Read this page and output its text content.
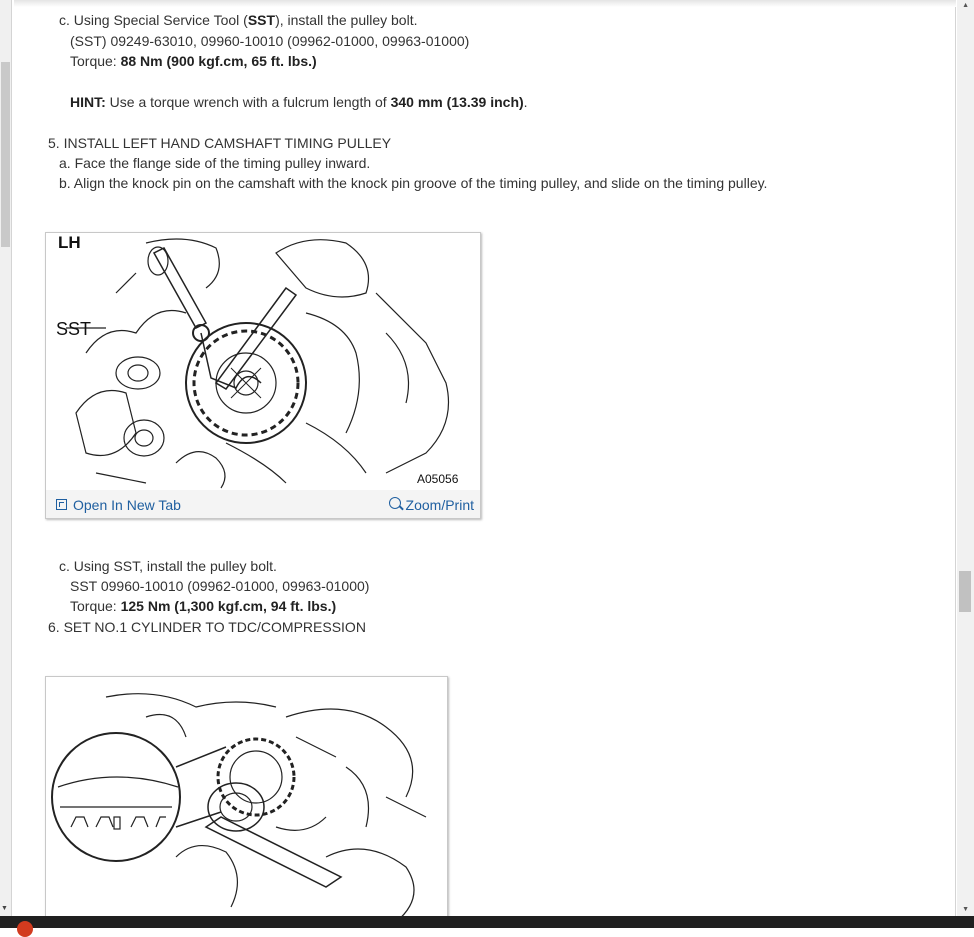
▼
c. Using Special Service Tool (SST), install the pulley bolt.
(SST) 09249-63010, 09960-10010 (09962-01000, 09963-01000)
Torque: 88 Nm (900 kgf.cm, 65 ft. lbs.)
HINT: Use a torque wrench with a fulcrum length of 340 mm (13.39 inch).
5. INSTALL LEFT HAND CAMSHAFT TIMING PULLEY
a. Face the flange side of the timing pulley inward.
b. Align the knock pin on the camshaft with the knock pin groove of the timing pulley, and slide on the timing pulley.
LH
SST
A05056
Open In New Tab	Zoom/Print
c. Using SST, install the pulley bolt.
SST 09960-10010 (09962-01000, 09963-01000)
Torque: 125 Nm (1,300 kgf.cm, 94 ft. lbs.)
6. SET NO.1 CYLINDER TO TDC/COMPRESSION
▲
▼
